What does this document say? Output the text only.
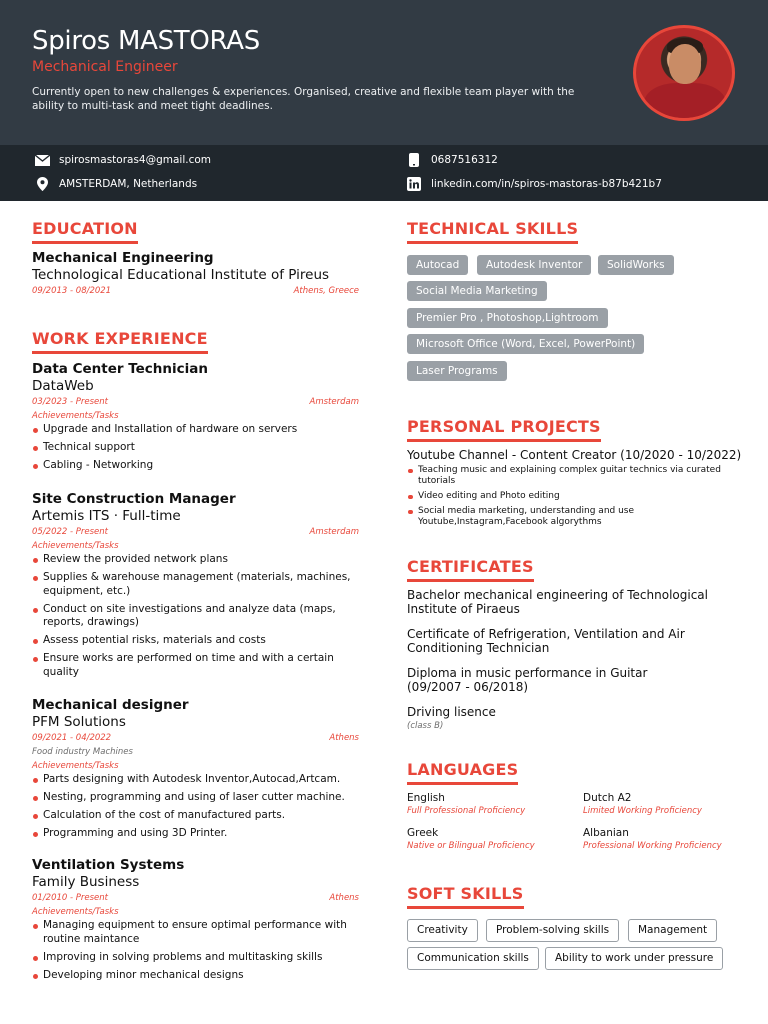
Spiros MASTORAS
Mechanical Engineer
Currently open to new challenges & experiences. Organised, creative and flexible team player with the ability to multi-task and meet tight deadlines.
spirosmastoras4@gmail.com	0687516312
AMSTERDAM, Netherlands	linkedin.com/in/spiros-mastoras-b87b421b7
EDUCATION
Mechanical Engineering
Technological Educational Institute of Pireus
09/2013 - 08/2021	Athens, Greece
WORK EXPERIENCE
Data Center Technician
DataWeb
03/2023 - Present	Amsterdam
Achievements/Tasks
Upgrade and Installation of hardware on servers
Technical support
Cabling - Networking
Site Construction Manager
Artemis ITS · Full-time
05/2022 - Present	Amsterdam
Achievements/Tasks
Review the provided network plans
Supplies & warehouse management (materials, machines, equipment, etc.)
Conduct on site investigations and analyze data (maps, reports, drawings)
Assess potential risks, materials and costs
Ensure works are performed on time and with a certain quality
Mechanical designer
PFM Solutions
09/2021 - 04/2022	Athens
Food industry Machines
Achievements/Tasks
Parts designing with Autodesk Inventor,Autocad,Artcam.
Nesting, programming and using of laser cutter machine.
Calculation of the cost of manufactured parts.
Programming and using 3D Printer.
Ventilation Systems
Family Business
01/2010 - Present	Athens
Achievements/Tasks
Managing equipment to ensure optimal performance with routine maintance
Improving in solving problems and multitasking skills
Developing minor mechanical designs
TECHNICAL SKILLS
Autocad	Autodesk Inventor	SolidWorks
Social Media Marketing
Premier Pro , Photoshop,Lightroom
Microsoft Office (Word, Excel, PowerPoint)
Laser Programs
PERSONAL PROJECTS
Youtube Channel - Content Creator (10/2020 - 10/2022)
Teaching music and explaining complex guitar technics via curated tutorials
Video editing and Photo editing
Social media marketing, understanding and use Youtube,Instagram,Facebook algorythms
CERTIFICATES
Bachelor mechanical engineering of Technological Institute of Piraeus
Certificate of Refrigeration, Ventilation and Air Conditioning Technician
Diploma in music performance in Guitar
(09/2007 - 06/2018)
Driving lisence
(class B)
LANGUAGES
English
Full Professional Proficiency
Dutch A2
Limited Working Proficiency
Greek
Native or Bilingual Proficiency
Albanian
Professional Working Proficiency
SOFT SKILLS
Creativity	Problem-solving skills	Management
Communication skills	Ability to work under pressure
